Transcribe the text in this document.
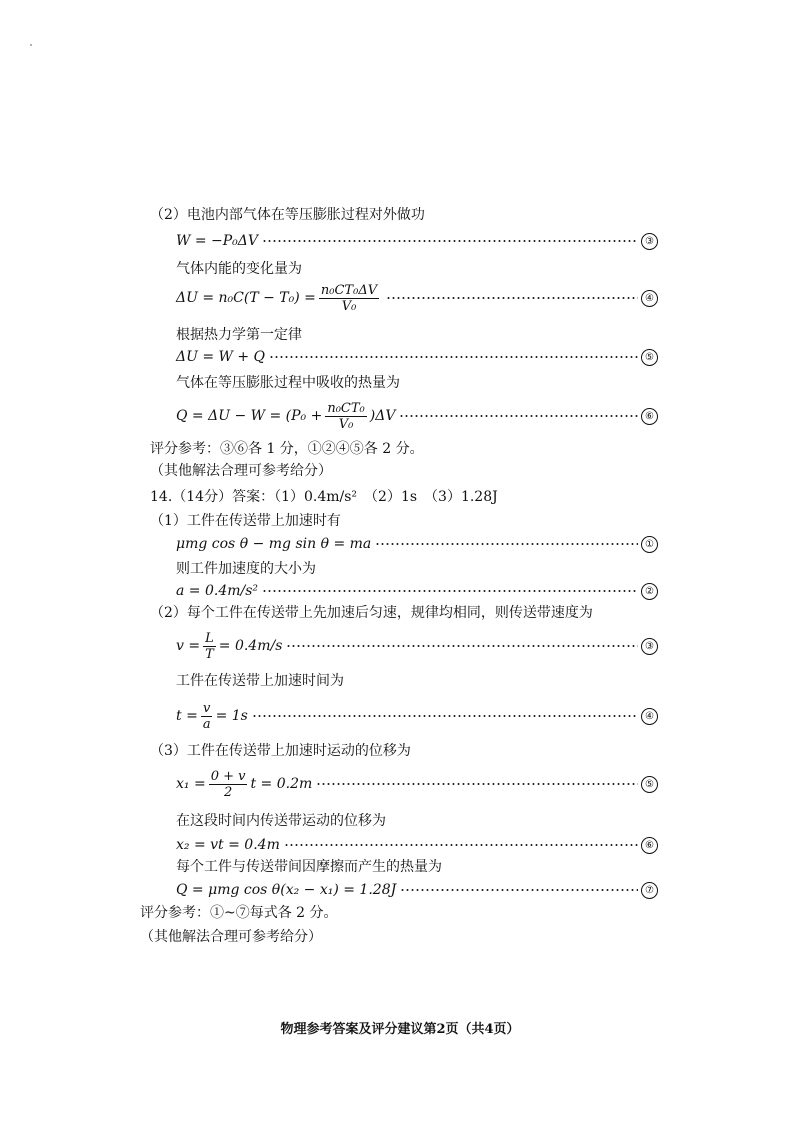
（2）电池内部气体在等压膨胀过程对外做功
W = −P₀ΔV	③
气体内能的变化量为
$\Delta U = n_0C(T - T_0) = \frac{\text{n₀CT₀ΔV}}{\text{V₀}}$	④
根据热力学第一定律
ΔU = W + Q	⑤
气体在等压膨胀过程中吸收的热量为
$Q = \Delta U - W = (P_0 + \frac{\text{n₀CT₀}}{\text{V₀}} )\Delta V$	⑥
评分参考：③⑥各 1 分，①②④⑤各 2 分。
（其他解法合理可参考给分）
14.（14分）答案：（1）0.4m/s²　（2）1s　（3）1.28J
（1）工件在传送带上加速时有
μmg cos θ − mg sin θ = ma	①
则工件加速度的大小为
a = 0.4m/s²	②
（2）每个工件在传送带上先加速后匀速，规律均相同，则传送带速度为
$v = \frac{L}{T} = 0.4m/s$	③
工件在传送带上加速时间为
$t = \frac{v}{a} = 1s$	④
（3）工件在传送带上加速时运动的位移为
$x_1 = \frac{0 + v}{2}$ t = 0.2m	⑤
在这段时间内传送带运动的位移为
x₂ = vt = 0.4m	⑥
每个工件与传送带间因摩擦而产生的热量为
Q = μmg cos θ(x₂ − x₁) = 1.28J	⑦
评分参考：①~⑦每式各 2 分。
（其他解法合理可参考给分）
物理参考答案及评分建议第2页（共4页）
